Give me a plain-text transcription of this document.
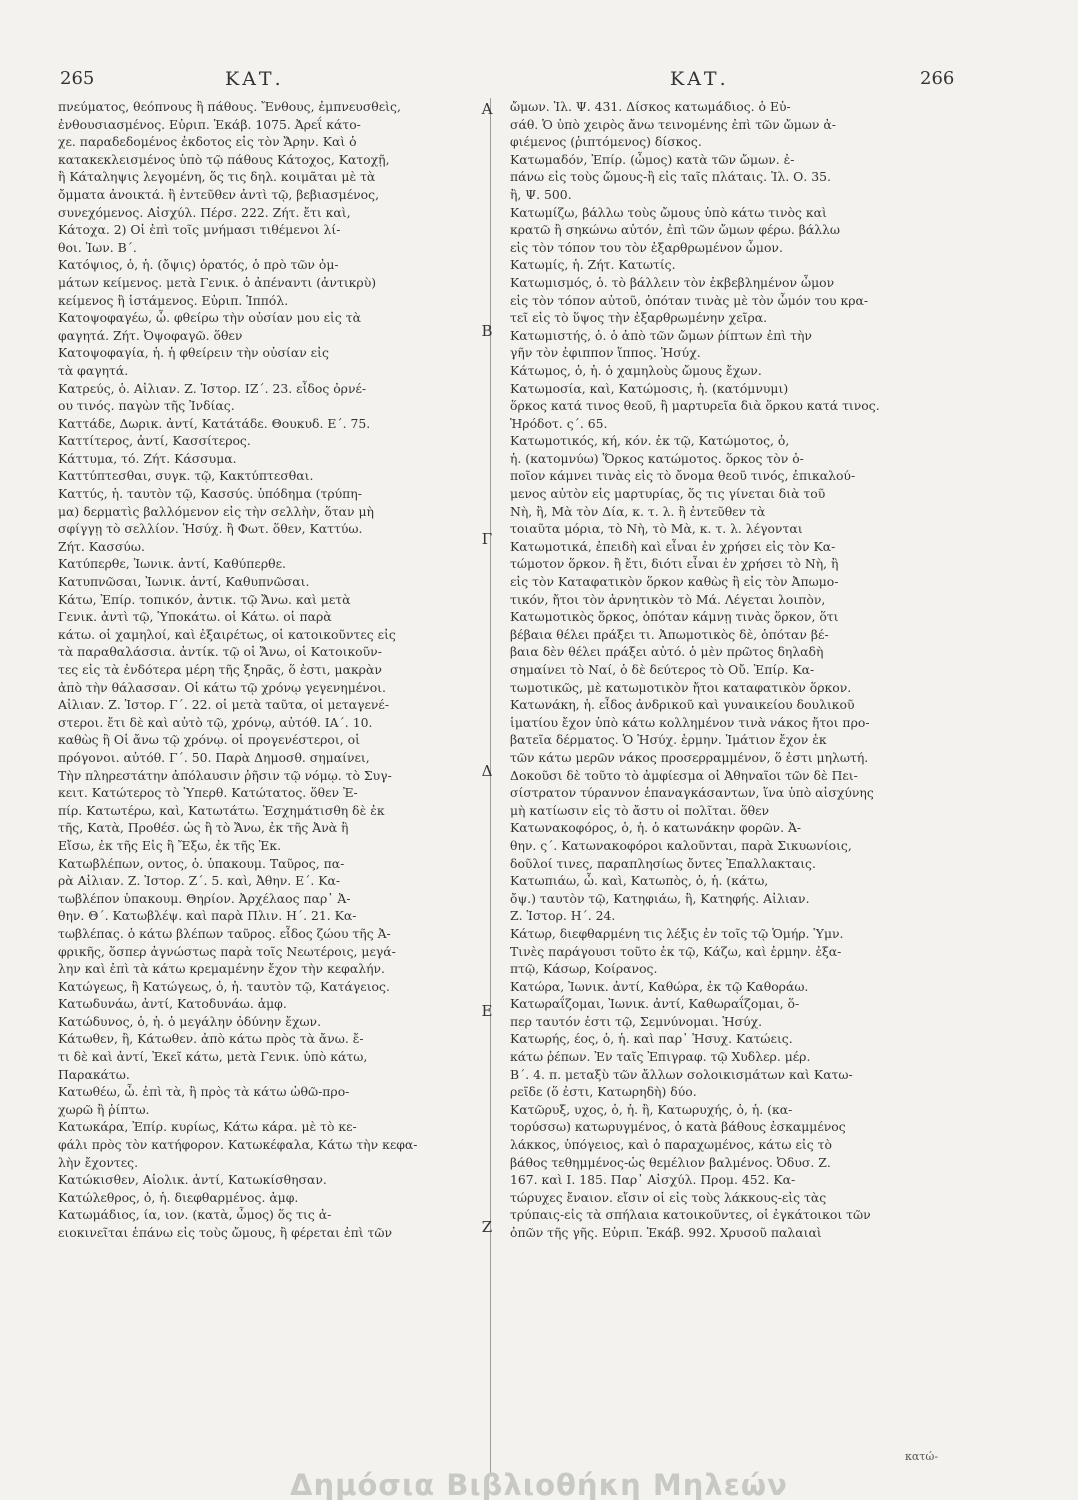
265	ΚΑΤ.	ΚΑΤ.	266
πνεύματος, θεόπνους ἢ πάθους. Ἔνθους, ἐμπνευσθεὶς,
ἐνθουσιασμένος. Εὐριπ. Ἑκάβ. 1075. Ἀρεΐ κάτο-
χε. παραδεδομένος ἐκδοτος εἰς τὸν Ἄρην. Καὶ ὁ
κατακεκλεισμένος ὑπὸ τῷ πάθους Κάτοχος, Κατοχῇ,
ἢ Κάταληψις λεγομένη, ὅς τις δηλ. κοιμᾶται μὲ τὰ
ὄμματα ἀνοικτά. ἢ ἐντεῦθεν ἀντὶ τῷ, βεβιασμένος,
συνεχόμενος. Αἰσχύλ. Πέρσ. 222. Ζήτ. ἔτι καὶ,
Κάτοχα. 2) Οἱ ἐπὶ τοῖς μνήμασι τιθέμενοι λί-
θοι. Ἰων. Β΄.
Κατόψιος, ὁ, ἡ. (ὄψις) ὁρατός, ὁ πρὸ τῶν ὀμ-
μάτων κείμενος. μετὰ Γενικ. ὁ ἀπέναντι (ἀντικρὺ)
κείμενος ἢ ἱστάμενος. Εὐριπ. Ἱππόλ.
Κατοψοφαγέω, ὦ. φθείρω τὴν οὐσίαν μου εἰς τὰ
φαγητά. Ζήτ. Ὀψοφαγῶ. ὅθεν
Κατοψοφαγία, ἡ. ἡ φθείρειν τὴν οὐσίαν εἰς
τὰ φαγητά.
Κατρεύς, ὁ. Αἰλιαν. Ζ. Ἱστορ. ΙΖ΄. 23. εἶδος ὀρνέ-
ου τινός. παγὼν τῆς Ἰνδίας.
Καττάδε, Δωρικ. ἀντί, Κατάτάδε. Θουκυδ. Ε΄. 75.
Καττίτερος, ἀντί, Κασσίτερος.
Κάττυμα, τό. Ζήτ. Κάσσυμα.
Καττύπτεσθαι, συγκ. τῷ, Κακτύπτεσθαι.
Καττύς, ἡ. ταυτὸν τῷ, Κασσύς. ὑπόδημα (τρύπη-
μα) δερματὶς βαλλόμενον εἰς τὴν σελλὴν, ὅταν μὴ
σφίγγῃ τὸ σελλίον. Ἡσύχ. ἢ Φωτ. ὅθεν, Καττύω.
Ζήτ. Κασσύω.
Κατύπερθε, Ἰωνικ. ἀντί, Καθύπερθε.
Κατυπνῶσαι, Ἰωνικ. ἀντί, Καθυπνῶσαι.
Κάτω, Ἐπίρ. τοπικόν, ἀντικ. τῷ Ἄνω. καὶ μετὰ
Γενικ. ἀντὶ τῷ, Ὑποκάτω. οἱ Κάτω. οἱ παρὰ
κάτω. οἱ χαμηλοί, καὶ ἐξαιρέτως, οἱ κατοικοῦντες εἰς
τὰ παραθαλάσσια. ἀντίκ. τῷ οἱ Ἄνω, οἱ Κατοικοῦν-
τες εἰς τὰ ἐνδότερα μέρη τῆς ξηρᾶς, ὅ ἐστι, μακρὰν
ἀπὸ τὴν θάλασσαν. Οἱ κάτω τῷ χρόνῳ γεγενημένοι.
Αἰλιαν. Ζ. Ἱστορ. Γ΄. 22. οἱ μετὰ ταῦτα, οἱ μεταγενέ-
στεροι. ἔτι δὲ καὶ αὐτὸ τῷ, χρόνῳ, αὐτόθ. ΙΑ΄. 10.
καθὼς ἢ Οἱ ἄνω τῷ χρόνῳ. οἱ προγενέστεροι, οἱ
πρόγονοι. αὐτόθ. Γ΄. 50. Παρὰ Δημοσθ. σημαίνει,
Τὴν πληρεστάτην ἀπόλαυσιν ῥῆσιν τῷ νόμῳ. τὸ Συγ-
κειτ. Κατώτερος τὸ Ὑπερθ. Κατώτατος. ὅθεν Ἐ-
πίρ. Κατωτέρω, καὶ, Κατωτάτω. Ἐσχημάτισθη δὲ ἐκ
τῆς, Κατὰ, Προθέσ. ὡς ἢ τὸ Ἄνω, ἐκ τῆς Ἀνὰ ἢ
Εἴσω, ἐκ τῆς Εἰς ἢ Ἔξω, ἐκ τῆς Ἐκ.
Κατωβλέπων, οντος, ὁ. ὑπακουμ. Ταῦρος, πα-
ρὰ Αἰλιαν. Ζ. Ἱστορ. Ζ΄. 5. καὶ, Ἀθην. Ε΄. Κα-
τωβλέπον ὑπακουμ. Θηρίον. Ἀρχέλαος παρ᾽ Ἀ-
θην. Θ΄. Κατωβλέψ. καὶ παρὰ Πλιν. Η΄. 21. Κα-
τωβλέπας. ὁ κάτω βλέπων ταῦρος. εἶδος ζώου τῆς Ἀ-
φρικῆς, ὅσπερ ἀγνώστως παρὰ τοῖς Νεωτέροις, μεγά-
λην καὶ ἐπὶ τὰ κάτω κρεμαμένην ἔχον τὴν κεφαλήν.
Κατώγεως, ἢ Κατώγεως, ὁ, ἡ. ταυτὸν τῷ, Κατάγειος.
Κατωδυνάω, ἀντί, Κατοδυνάω. ἀμφ.
Κατώδυνος, ὁ, ἡ. ὁ μεγάλην ὀδύνην ἔχων.
Κάτωθεν, ἢ, Κάτωθεν. ἀπὸ κάτω πρὸς τὰ ἄνω. ἔ-
τι δὲ καὶ ἀντί, Ἐκεῖ κάτω, μετὰ Γενικ. ὑπὸ κάτω,
Παρακάτω.
Κατωθέω, ὦ. ἐπὶ τὰ, ἢ πρὸς τὰ κάτω ὠθῶ-προ-
χωρῶ ἢ ῥίπτω.
Κατωκάρα, Ἐπίρ. κυρίως, Κάτω κάρα. μὲ τὸ κε-
φάλι πρὸς τὸν κατήφορον. Κατωκέφαλα, Κάτω τὴν κεφα-
λὴν ἔχοντες.
Κατώκισθεν, Αἰολικ. ἀντί, Κατωκίσθησαν.
Κατώλεθρος, ὁ, ἡ. διεφθαρμένος. ἀμφ.
Κατωμάδιος, ία, ιον. (κατὰ, ὦμος) ὅς τις ἀ-
ειοκινεῖται ἐπάνω εἰς τοὺς ὤμους, ἢ φέρεται ἐπὶ τῶν
Α
Β
Γ
Δ
Ε
Ζ
ὤμων. Ἰλ. Ψ. 431. Δίσκος κατωμάδιος. ὁ Εὐ-
σάθ. Ὁ ὑπὸ χειρὸς ἄνω τεινομένης ἐπὶ τῶν ὤμων ἀ-
φιέμενος (ῥιπτόμενος) δίσκος.
Κατωμαδόν, Ἐπίρ. (ὦμος) κατὰ τῶν ὤμων. ἐ-
πάνω εἰς τοὺς ὤμους-ἢ εἰς ταῖς πλάταις. Ἰλ. Ο. 35.
ἢ, Ψ. 500.
Κατωμίζω, βάλλω τοὺς ὤμους ὑπὸ κάτω τινὸς καὶ
κρατῶ ἢ σηκώνω αὐτόν, ἐπὶ τῶν ὤμων φέρω. βάλλω
εἰς τὸν τόπον του τὸν ἐξαρθρωμένον ὦμον.
Κατωμίς, ἡ. Ζήτ. Κατωτίς.
Κατωμισμός, ὁ. τὸ βάλλειν τὸν ἐκβεβλημένον ὦμον
εἰς τὸν τόπον αὐτοῦ, ὁπόταν τινὰς μὲ τὸν ὦμόν του κρα-
τεῖ εἰς τὸ ὕψος τὴν ἐξαρθρωμένην χεῖρα.
Κατωμιστής, ὁ. ὁ ἀπὸ τῶν ὤμων ῥίπτων ἐπὶ τὴν
γῆν τὸν ἐφιππον ἵππος. Ἡσύχ.
Κάτωμος, ὁ, ἡ. ὁ χαμηλοὺς ὤμους ἔχων.
Κατωμοσία, καὶ, Κατώμοσις, ἡ. (κατόμνυμι)
ὅρκος κατά τινος θεοῦ, ἢ μαρτυρεῖα διὰ ὅρκου κατά τινος.
Ἡρόδοτ. ς΄. 65.
Κατωμοτικός, κή, κόν. ἐκ τῷ, Κατώμοτος, ὁ,
ἡ. (κατομνύω) Ὅρκος κατώμοτος. ὅρκος τὸν ὁ-
ποῖον κάμνει τινὰς εἰς τὸ ὄνομα θεοῦ τινός, ἐπικαλού-
μενος αὐτὸν εἰς μαρτυρίας, ὅς τις γίνεται διὰ τοῦ
Νὴ, ἢ, Μὰ τὸν Δία, κ. τ. λ. ἢ ἐντεῦθεν τὰ
τοιαῦτα μόρια, τὸ Νὴ, τὸ Μὰ, κ. τ. λ. λέγονται
Κατωμοτικά, ἐπειδὴ καὶ εἶναι ἐν χρήσει εἰς τὸν Κα-
τώμοτον ὅρκον. ἢ ἔτι, διότι εἶναι ἐν χρήσει τὸ Νὴ, ἢ
εἰς τὸν Καταφατικὸν ὅρκον καθὼς ἢ εἰς τὸν Ἀπωμο-
τικόν, ἤτοι τὸν ἀρνητικὸν τὸ Μά. Λέγεται λοιπὸν,
Κατωμοτικὸς ὅρκος, ὁπόταν κάμνῃ τινὰς ὅρκον, ὅτι
βέβαια θέλει πράξει τι. Ἀπωμοτικὸς δὲ, ὁπόταν βέ-
βαια δὲν θέλει πράξει αὐτό. ὁ μὲν πρῶτος δηλαδὴ
σημαίνει τὸ Ναί, ὁ δὲ δεύτερος τὸ Οὔ. Ἐπίρ. Κα-
τωμοτικῶς, μὲ κατωμοτικὸν ἤτοι καταφατικὸν ὅρκον.
Κατωνάκη, ἡ. εἶδος ἀνδρικοῦ καὶ γυναικείου δουλικοῦ
ἱματίου ἔχον ὑπὸ κάτω κολλημένον τινὰ νάκος ἤτοι προ-
βατεῖα δέρματος. Ὁ Ἡσύχ. ἑρμην. Ἱμάτιον ἔχον ἐκ
τῶν κάτω μερῶν νάκος προσερραμμένον, ὅ ἐστι μηλωτή.
Δοκοῦσι δὲ τοῦτο τὸ ἀμφίεσμα οἱ Ἀθηναῖοι τῶν δὲ Πει-
σίστρατον τύραννον ἐπαναγκάσαντων, ἵνα ὑπὸ αἰσχύνης
μὴ κατίωσιν εἰς τὸ ἄστυ οἱ πολῖται. ὅθεν
Κατωνακοφόρος, ὁ, ἡ. ὁ κατωνάκην φορῶν. Ἀ-
θην. ς΄. Κατωνακοφόροι καλοῦνται, παρὰ Σικυωνίοις,
δοῦλοί τινες, παραπλησίως ὄντες Ἐπαλλακταις.
Κατωπιάω, ὦ. καὶ, Κατωπὸς, ὁ, ἡ. (κάτω,
ὄψ.) ταυτὸν τῷ, Κατηφιάω, ἢ, Κατηφής. Αἰλιαν.
Ζ. Ἱστορ. Η΄. 24.
Κάτωρ, διεφθαρμένη τις λέξις ἐν τοῖς τῷ Ὁμήρ. Ὑμν.
Τινὲς παράγουσι τοῦτο ἐκ τῷ, Κάζω, καὶ ἑρμην. ἐξα-
πτῷ, Κάσωρ, Κοίρανος.
Κατώρα, Ἰωνικ. ἀντί, Καθώρα, ἐκ τῷ Καθοράω.
Κατωραΐζομαι, Ἰωνικ. ἀντί, Καθωραΐζομαι, ὅ-
περ ταυτόν ἐστι τῷ, Σεμνύνομαι. Ἡσύχ.
Κατωρής, έος, ὁ, ἡ. καὶ παρ᾽ Ἡσυχ. Κατώεις.
κάτω ῥέπων. Ἐν ταῖς Ἐπιγραφ. τῷ Χυδλερ. μέρ.
Β΄. 4. π. μεταξὺ τῶν ἄλλων σολοικισμάτων καὶ Κατω-
ρεῖδε (ὅ ἐστι, Κατωρηδὴ) δύο.
Κατῶρυξ, υχος, ὁ, ἡ. ἢ, Κατωρυχής, ὁ, ἡ. (κα-
τορύσσω) κατωρυγμένος, ὁ κατὰ βάθους ἐσκαμμένος
λάκκος, ὑπόγειος, καὶ ὁ παραχωμένος, κάτω εἰς τὸ
βάθος τεθημμένος-ὡς θεμέλιον βαλμένος. Ὀδυσ. Ζ.
167. καὶ Ι. 185. Παρ᾽ Αἰσχύλ. Προμ. 452. Κα-
τώρυχες ἔναιον. εἴσιν οἱ εἰς τοὺς λάκκους-εἰς τὰς
τρύπαις-εἰς τὰ σπήλαια κατοικοῦντες, οἱ ἐγκάτοικοι τῶν
ὀπῶν τῆς γῆς. Εὐριπ. Ἑκάβ. 992. Χρυσοῦ παλαιαὶ
κατώ-
Δημόσια Βιβλιοθήκη Μηλεών
